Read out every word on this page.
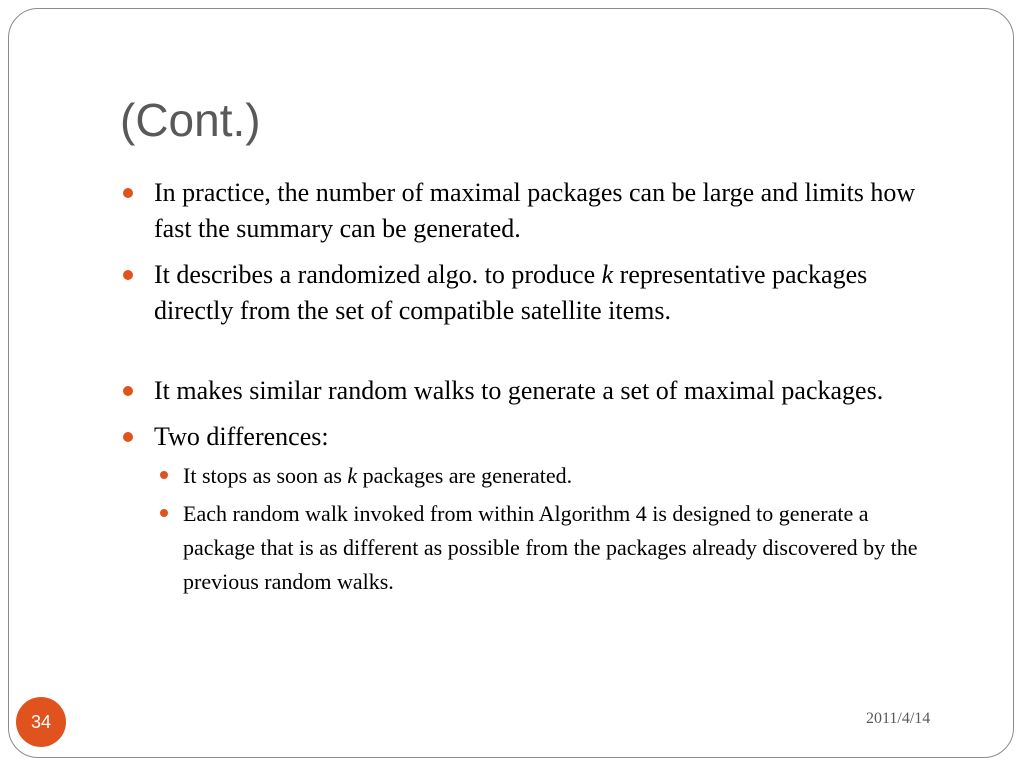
(Cont.)
In practice, the number of maximal packages can be large and limits how fast the summary can be generated.
It describes a randomized algo. to produce k representative packages directly from the set of compatible satellite items.
It makes similar random walks to generate a set of maximal packages.
Two differences:
It stops as soon as k packages are generated.
Each random walk invoked from within Algorithm 4 is designed to generate a package that is as different as possible from the packages already discovered by the previous random walks.
34	2011/4/14
